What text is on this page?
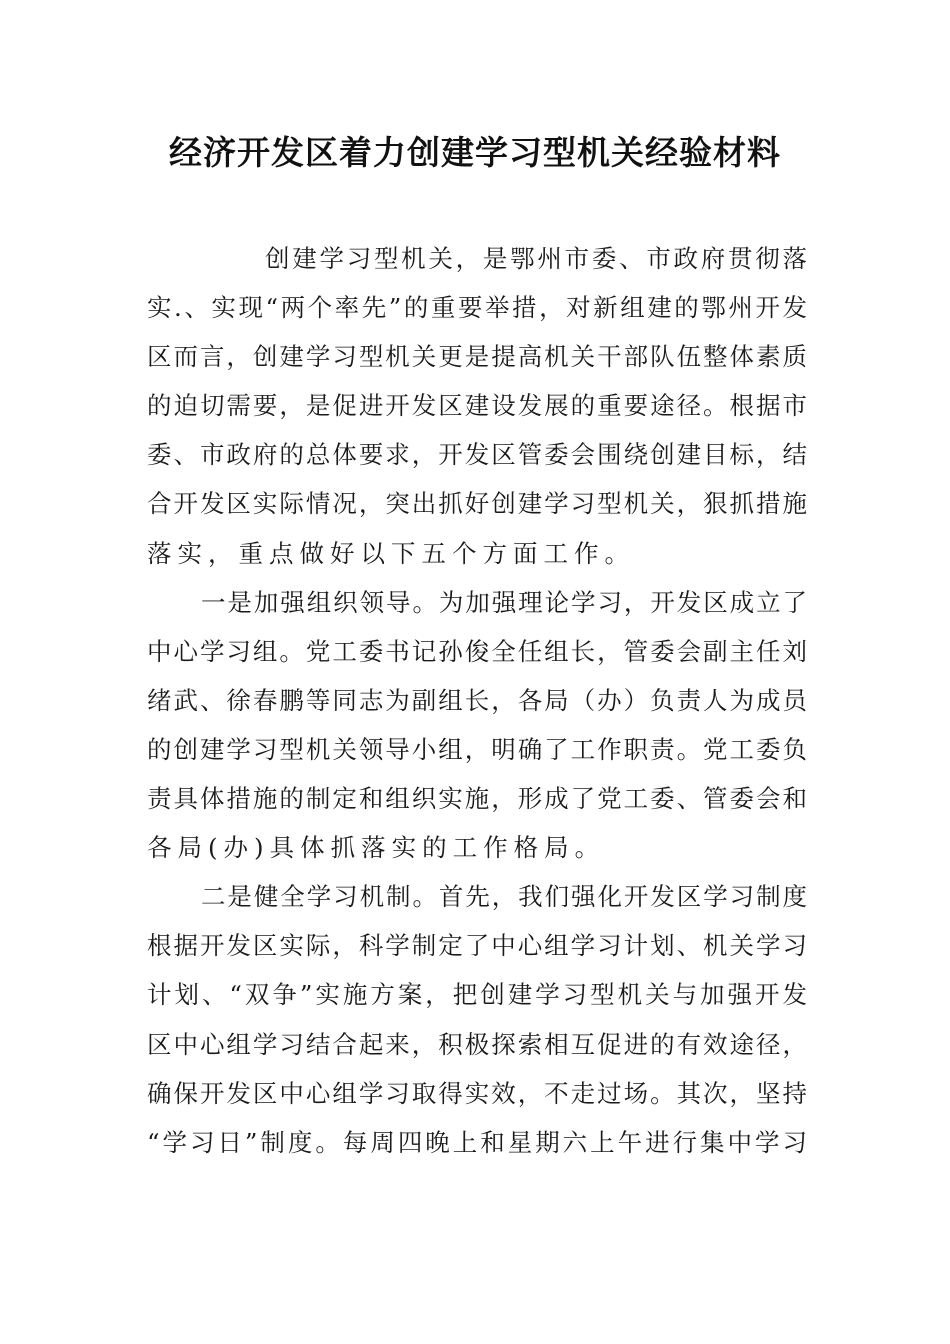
经济开发区着力创建学习型机关经验材料
创建学习型机关，是鄂州市委、市政府贯彻落
实.、实现“两个率先”的重要举措，对新组建的鄂州开发
区而言，创建学习型机关更是提高机关干部队伍整体素质
的迫切需要，是促进开发区建设发展的重要途径。根据市
委、市政府的总体要求，开发区管委会围绕创建目标，结
合开发区实际情况，突出抓好创建学习型机关，狠抓措施
落实，重点做好以下五个方面工作。
一是加强组织领导。为加强理论学习，开发区成立了
中心学习组。党工委书记孙俊全任组长，管委会副主任刘
绪武、徐春鹏等同志为副组长，各局（办）负责人为成员
的创建学习型机关领导小组，明确了工作职责。党工委负
责具体措施的制定和组织实施，形成了党工委、管委会和
各局(办)具体抓落实的工作格局。
二是健全学习机制。首先，我们强化开发区学习制度
根据开发区实际，科学制定了中心组学习计划、机关学习
计划、“双争”实施方案，把创建学习型机关与加强开发
区中心组学习结合起来，积极探索相互促进的有效途径，
确保开发区中心组学习取得实效，不走过场。其次，坚持
“学习日”制度。每周四晚上和星期六上午进行集中学习
